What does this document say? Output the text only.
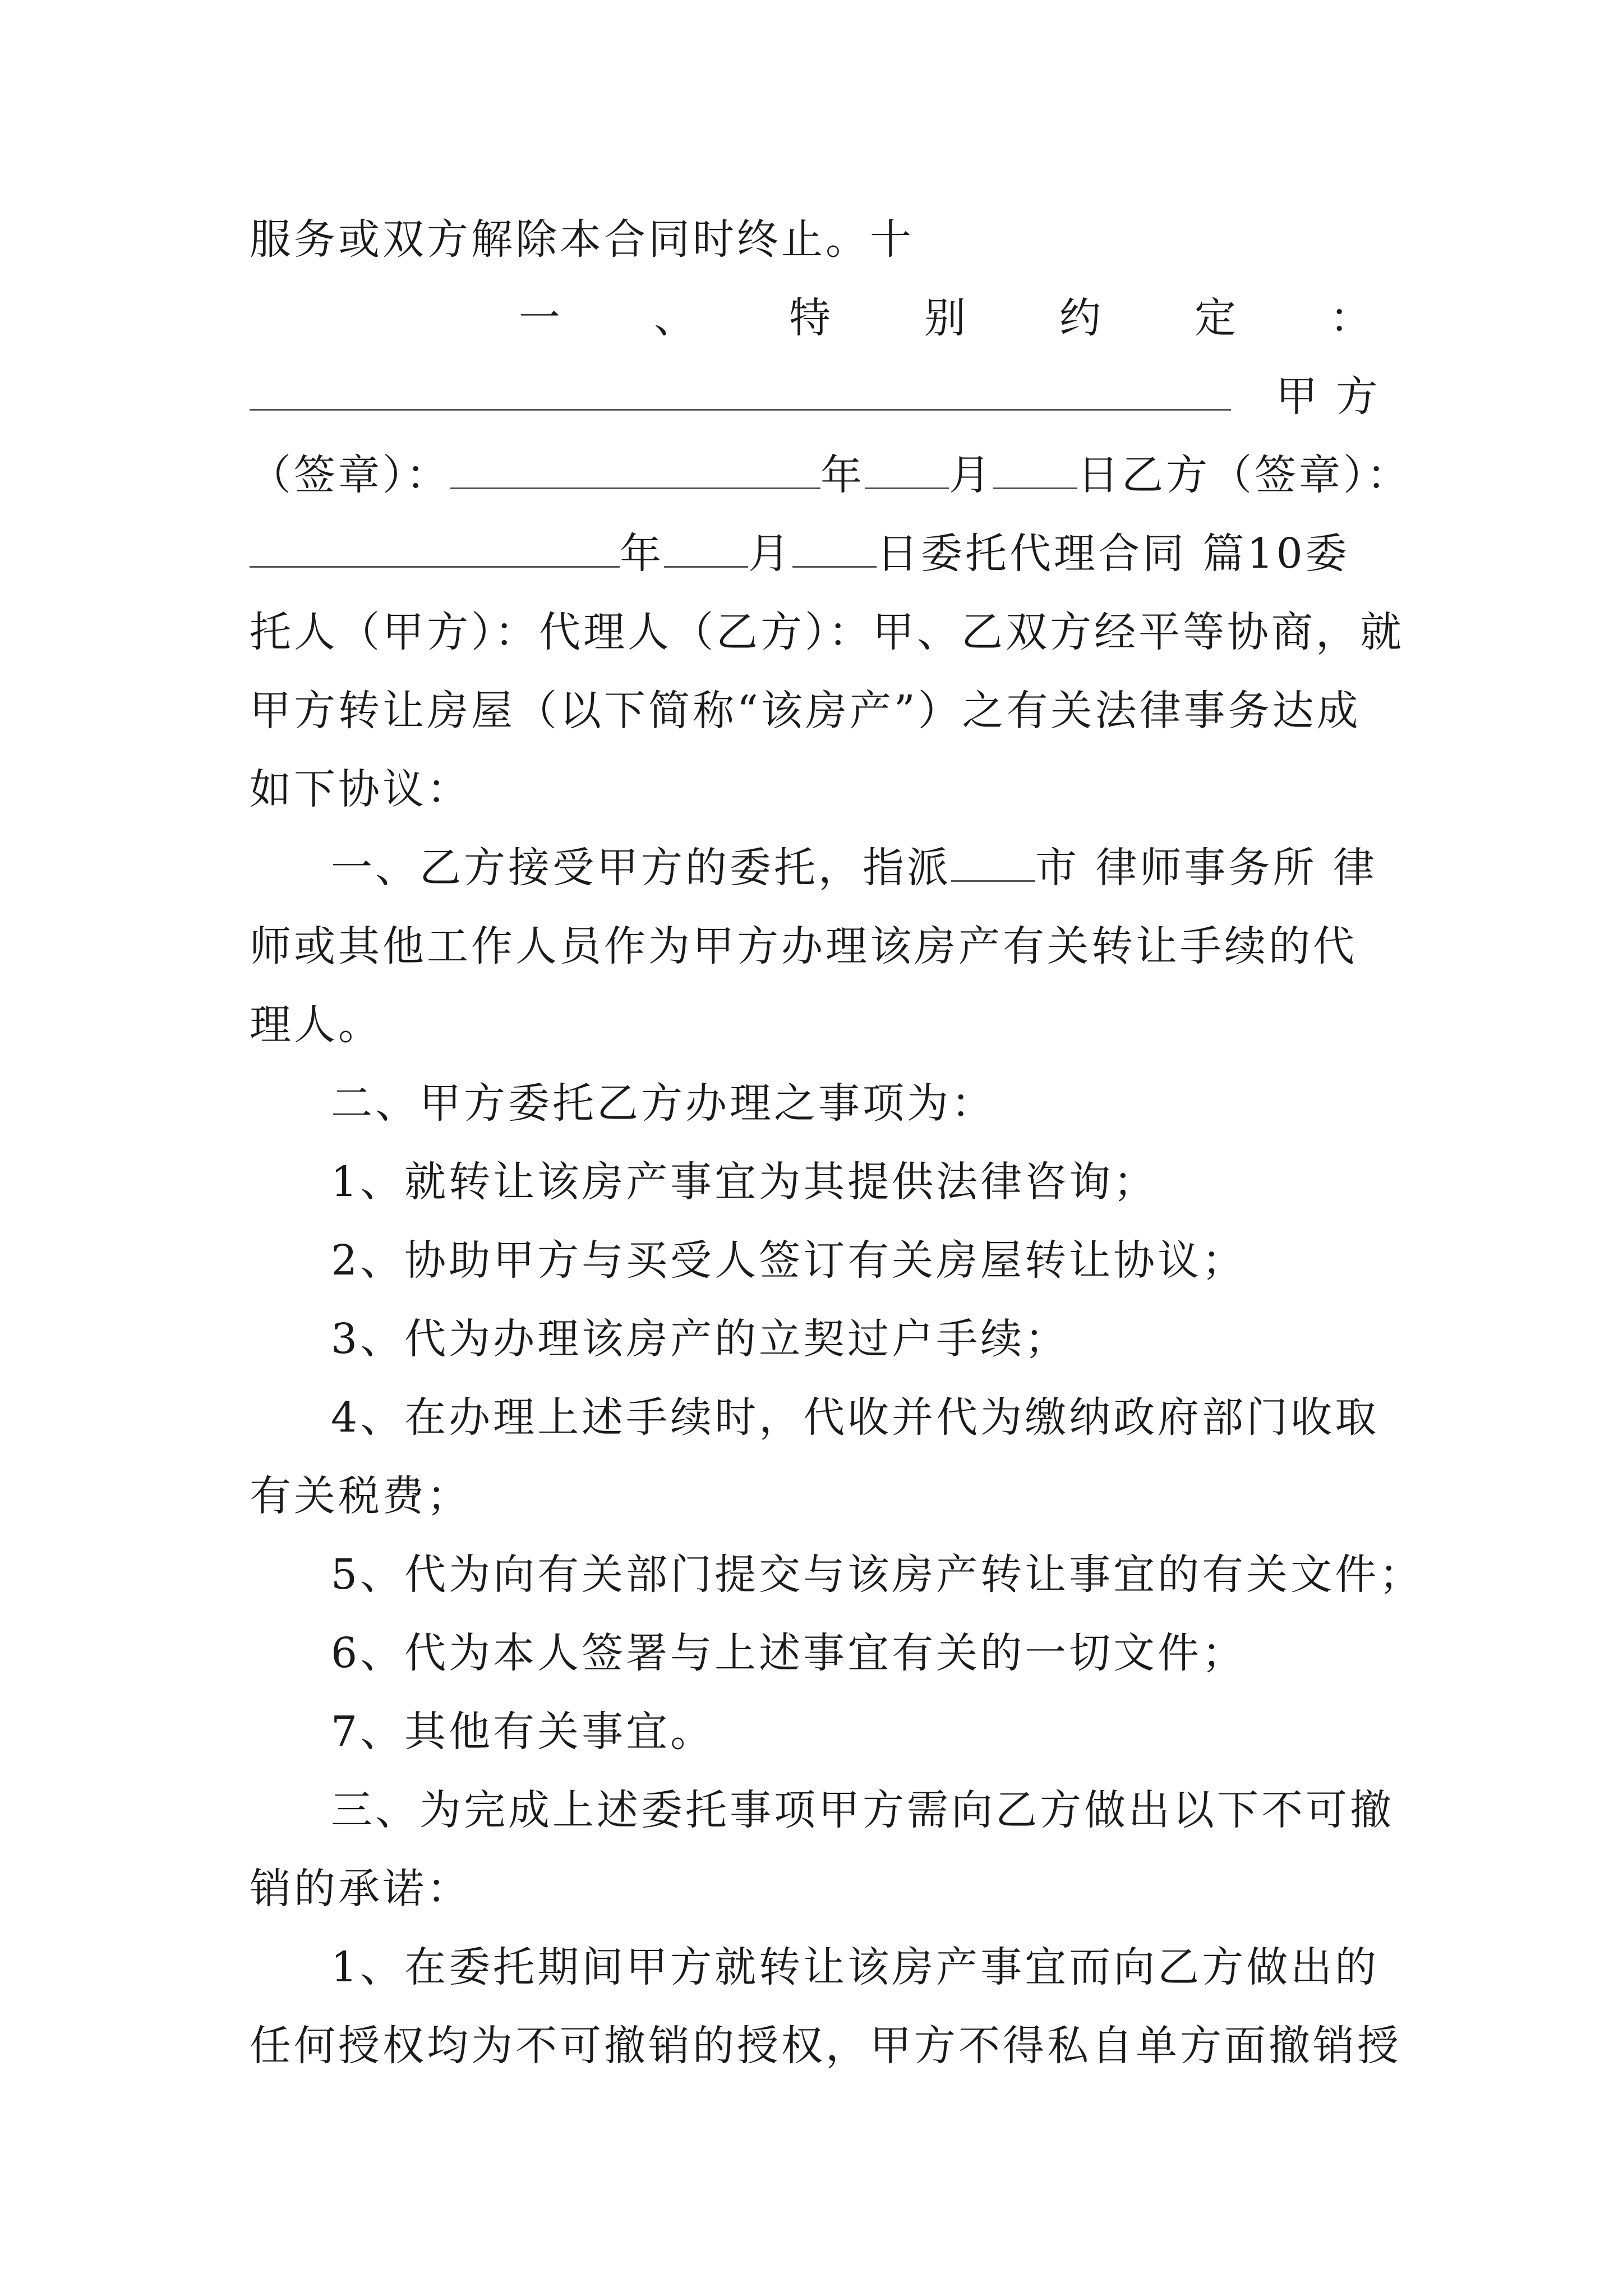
服务或双方解除本合同时终止。十
一 、 特 别 约 定 ：
甲 方
（签章）：	年 月 日乙方（签章）：
年 月 日委托代理合同 篇10委
托人（甲方）：代理人（乙方）：甲、乙双方经平等协商，就
甲方转让房屋（以下简称“该房产”）之有关法律事务达成
如下协议：
一、乙方接受甲方的委托，指派 市 律师事务所 律
师或其他工作人员作为甲方办理该房产有关转让手续的代
理人。
二、甲方委托乙方办理之事项为：
1、就转让该房产事宜为其提供法律咨询；
2、协助甲方与买受人签订有关房屋转让协议；
3、代为办理该房产的立契过户手续；
4、在办理上述手续时，代收并代为缴纳政府部门收取
有关税费；
5、代为向有关部门提交与该房产转让事宜的有关文件；
6、代为本人签署与上述事宜有关的一切文件；
7、其他有关事宜。
三、为完成上述委托事项甲方需向乙方做出以下不可撤
销的承诺：
1、在委托期间甲方就转让该房产事宜而向乙方做出的
任何授权均为不可撤销的授权，甲方不得私自单方面撤销授
